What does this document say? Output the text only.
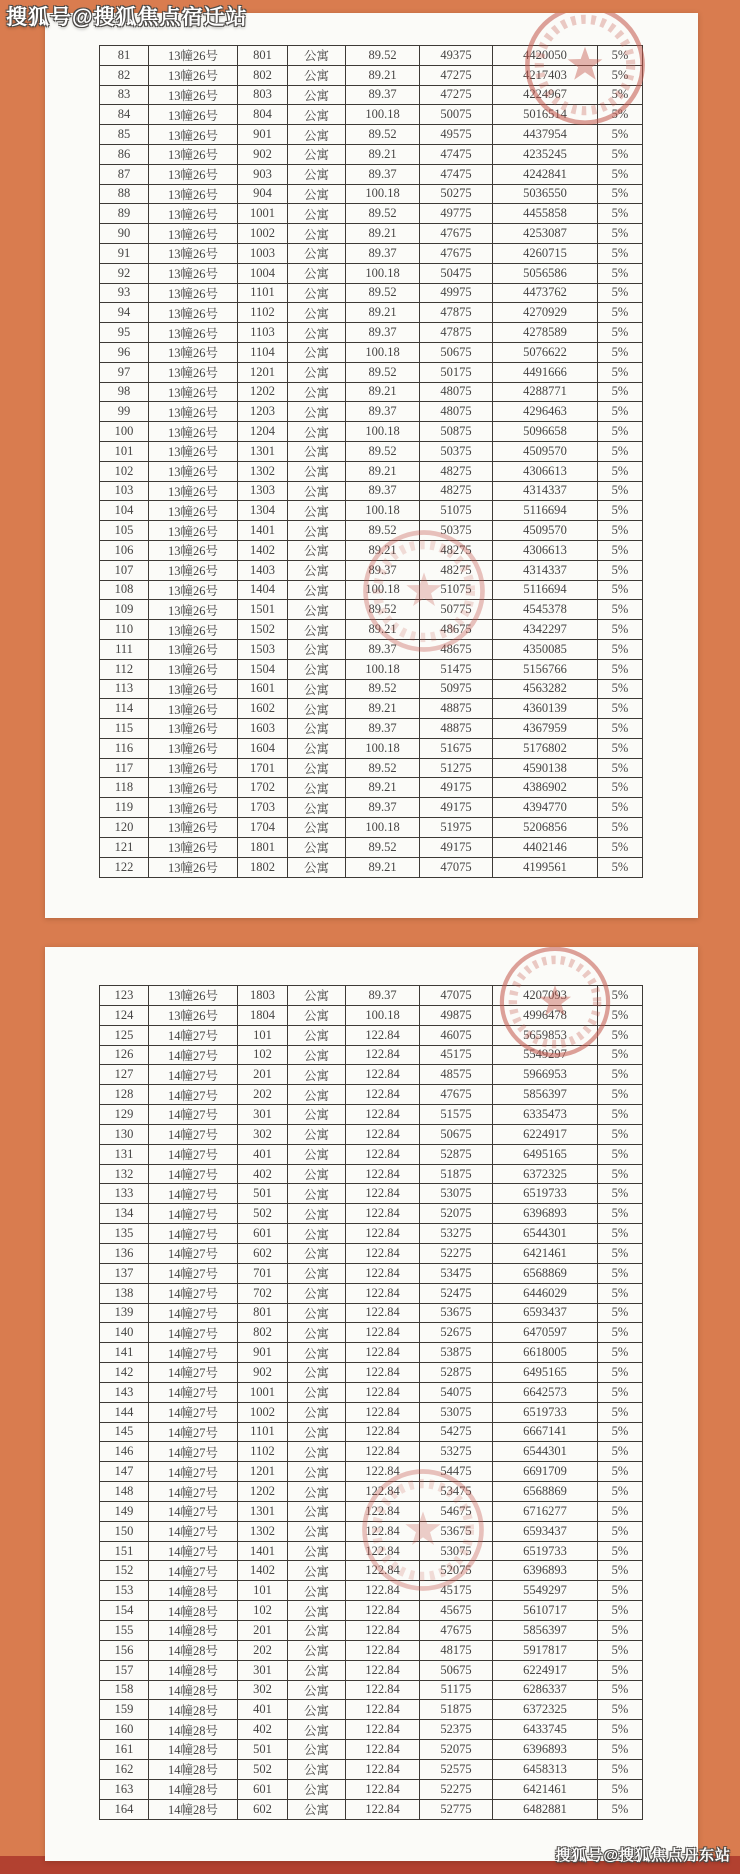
81	13幢26号	801	公寓	89.52	49375	4420050	5%
82	13幢26号	802	公寓	89.21	47275	4217403	5%
83	13幢26号	803	公寓	89.37	47275	4224967	5%
84	13幢26号	804	公寓	100.18	50075	5016514	5%
85	13幢26号	901	公寓	89.52	49575	4437954	5%
86	13幢26号	902	公寓	89.21	47475	4235245	5%
87	13幢26号	903	公寓	89.37	47475	4242841	5%
88	13幢26号	904	公寓	100.18	50275	5036550	5%
89	13幢26号	1001	公寓	89.52	49775	4455858	5%
90	13幢26号	1002	公寓	89.21	47675	4253087	5%
91	13幢26号	1003	公寓	89.37	47675	4260715	5%
92	13幢26号	1004	公寓	100.18	50475	5056586	5%
93	13幢26号	1101	公寓	89.52	49975	4473762	5%
94	13幢26号	1102	公寓	89.21	47875	4270929	5%
95	13幢26号	1103	公寓	89.37	47875	4278589	5%
96	13幢26号	1104	公寓	100.18	50675	5076622	5%
97	13幢26号	1201	公寓	89.52	50175	4491666	5%
98	13幢26号	1202	公寓	89.21	48075	4288771	5%
99	13幢26号	1203	公寓	89.37	48075	4296463	5%
100	13幢26号	1204	公寓	100.18	50875	5096658	5%
101	13幢26号	1301	公寓	89.52	50375	4509570	5%
102	13幢26号	1302	公寓	89.21	48275	4306613	5%
103	13幢26号	1303	公寓	89.37	48275	4314337	5%
104	13幢26号	1304	公寓	100.18	51075	5116694	5%
105	13幢26号	1401	公寓	89.52	50375	4509570	5%
106	13幢26号	1402	公寓	89.21	48275	4306613	5%
107	13幢26号	1403	公寓	89.37	48275	4314337	5%
108	13幢26号	1404	公寓	100.18	51075	5116694	5%
109	13幢26号	1501	公寓	89.52	50775	4545378	5%
110	13幢26号	1502	公寓	89.21	48675	4342297	5%
111	13幢26号	1503	公寓	89.37	48675	4350085	5%
112	13幢26号	1504	公寓	100.18	51475	5156766	5%
113	13幢26号	1601	公寓	89.52	50975	4563282	5%
114	13幢26号	1602	公寓	89.21	48875	4360139	5%
115	13幢26号	1603	公寓	89.37	48875	4367959	5%
116	13幢26号	1604	公寓	100.18	51675	5176802	5%
117	13幢26号	1701	公寓	89.52	51275	4590138	5%
118	13幢26号	1702	公寓	89.21	49175	4386902	5%
119	13幢26号	1703	公寓	89.37	49175	4394770	5%
120	13幢26号	1704	公寓	100.18	51975	5206856	5%
121	13幢26号	1801	公寓	89.52	49175	4402146	5%
122	13幢26号	1802	公寓	89.21	47075	4199561	5%
123	13幢26号	1803	公寓	89.37	47075	4207093	5%
124	13幢26号	1804	公寓	100.18	49875	4996478	5%
125	14幢27号	101	公寓	122.84	46075	5659853	5%
126	14幢27号	102	公寓	122.84	45175	5549297	5%
127	14幢27号	201	公寓	122.84	48575	5966953	5%
128	14幢27号	202	公寓	122.84	47675	5856397	5%
129	14幢27号	301	公寓	122.84	51575	6335473	5%
130	14幢27号	302	公寓	122.84	50675	6224917	5%
131	14幢27号	401	公寓	122.84	52875	6495165	5%
132	14幢27号	402	公寓	122.84	51875	6372325	5%
133	14幢27号	501	公寓	122.84	53075	6519733	5%
134	14幢27号	502	公寓	122.84	52075	6396893	5%
135	14幢27号	601	公寓	122.84	53275	6544301	5%
136	14幢27号	602	公寓	122.84	52275	6421461	5%
137	14幢27号	701	公寓	122.84	53475	6568869	5%
138	14幢27号	702	公寓	122.84	52475	6446029	5%
139	14幢27号	801	公寓	122.84	53675	6593437	5%
140	14幢27号	802	公寓	122.84	52675	6470597	5%
141	14幢27号	901	公寓	122.84	53875	6618005	5%
142	14幢27号	902	公寓	122.84	52875	6495165	5%
143	14幢27号	1001	公寓	122.84	54075	6642573	5%
144	14幢27号	1002	公寓	122.84	53075	6519733	5%
145	14幢27号	1101	公寓	122.84	54275	6667141	5%
146	14幢27号	1102	公寓	122.84	53275	6544301	5%
147	14幢27号	1201	公寓	122.84	54475	6691709	5%
148	14幢27号	1202	公寓	122.84	53475	6568869	5%
149	14幢27号	1301	公寓	122.84	54675	6716277	5%
150	14幢27号	1302	公寓	122.84	53675	6593437	5%
151	14幢27号	1401	公寓	122.84	53075	6519733	5%
152	14幢27号	1402	公寓	122.84	52075	6396893	5%
153	14幢28号	101	公寓	122.84	45175	5549297	5%
154	14幢28号	102	公寓	122.84	45675	5610717	5%
155	14幢28号	201	公寓	122.84	47675	5856397	5%
156	14幢28号	202	公寓	122.84	48175	5917817	5%
157	14幢28号	301	公寓	122.84	50675	6224917	5%
158	14幢28号	302	公寓	122.84	51175	6286337	5%
159	14幢28号	401	公寓	122.84	51875	6372325	5%
160	14幢28号	402	公寓	122.84	52375	6433745	5%
161	14幢28号	501	公寓	122.84	52075	6396893	5%
162	14幢28号	502	公寓	122.84	52575	6458313	5%
163	14幢28号	601	公寓	122.84	52275	6421461	5%
164	14幢28号	602	公寓	122.84	52775	6482881	5%
搜狐号@搜狐焦点宿迁站
搜狐号@搜狐焦点丹东站
